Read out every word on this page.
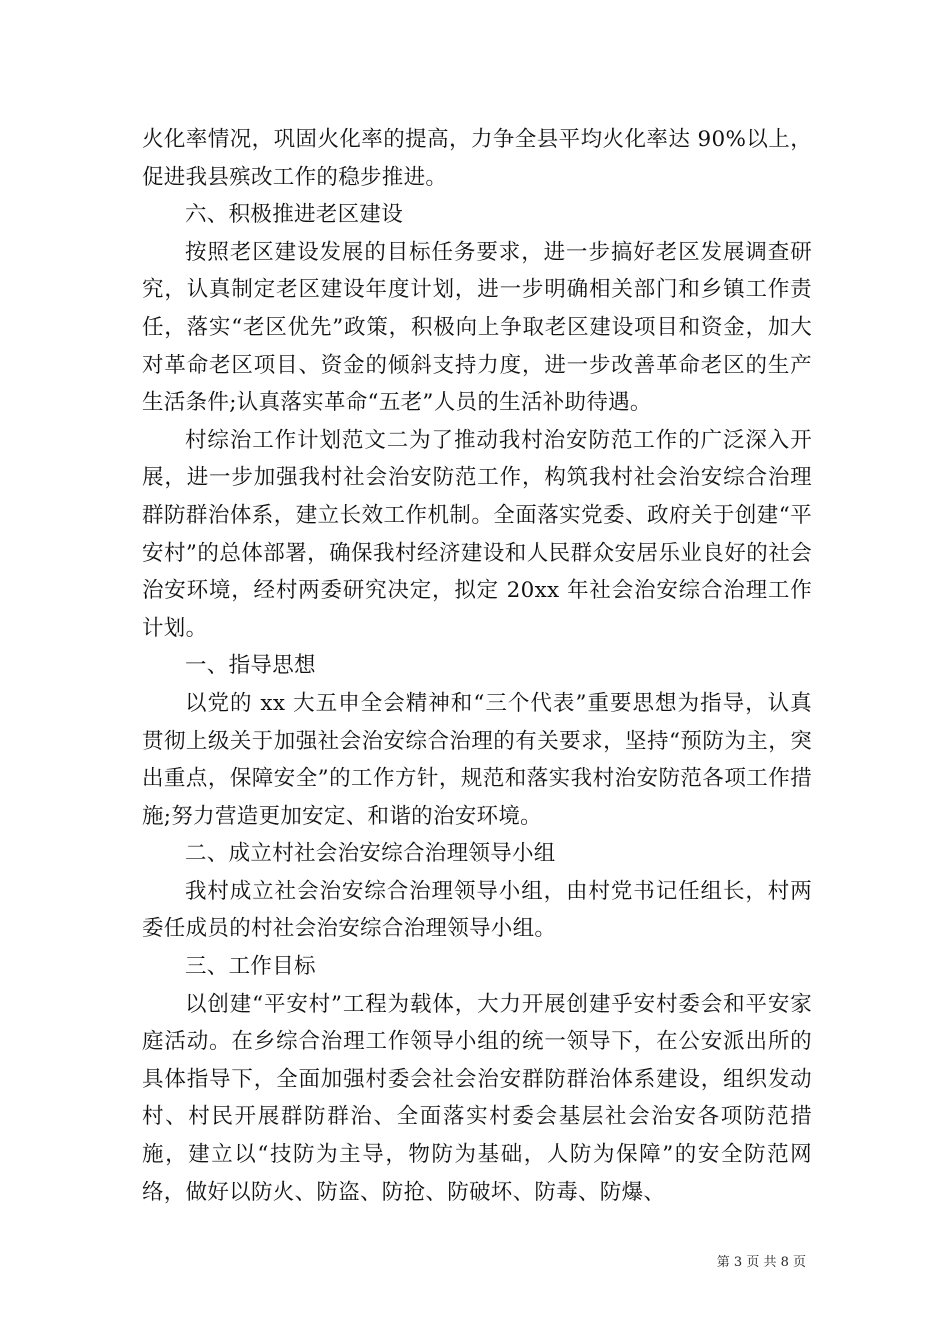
火化率情况，巩固火化率的提高，力争全县平均火化率达 90%以上，促进我县殡改工作的稳步推进。

六、积极推进老区建设

按照老区建设发展的目标任务要求，进一步搞好老区发展调查研究，认真制定老区建设年度计划，进一步明确相关部门和乡镇工作责任，落实“老区优先”政策，积极向上争取老区建设项目和资金，加大对革命老区项目、资金的倾斜支持力度，进一步改善革命老区的生产生活条件;认真落实革命“五老”人员的生活补助待遇。

村综治工作计划范文二为了推动我村治安防范工作的广泛深入开展，进一步加强我村社会治安防范工作，构筑我村社会治安综合治理群防群治体系，建立长效工作机制。全面落实党委、政府关于创建“平安村”的总体部署，确保我村经济建设和人民群众安居乐业良好的社会治安环境，经村两委研究决定，拟定 20xx 年社会治安综合治理工作计划。

一、指导思想

以党的 xx 大五申全会精神和“三个代表”重要思想为指导，认真贯彻上级关于加强社会治安综合治理的有关要求，坚持“预防为主，突出重点，保障安全”的工作方针，规范和落实我村治安防范各项工作措施;努力营造更加安定、和谐的治安环境。

二、成立村社会治安综合治理领导小组

我村成立社会治安综合治理领导小组，由村党书记任组长，村两委任成员的村社会治安综合治理领导小组。

三、工作目标

以创建“平安村”工程为载体，大力开展创建乎安村委会和平安家庭活动。在乡综合治理工作领导小组的统一领导下，在公安派出所的具体指导下，全面加强村委会社会治安群防群治体系建设，组织发动村、村民开展群防群治、全面落实村委会基层社会治安各项防范措施，建立以“技防为主导，物防为基础，人防为保障”的安全防范网络，做好以防火、防盗、防抢、防破坏、防毒、防爆、

第 3 页 共 8 页
